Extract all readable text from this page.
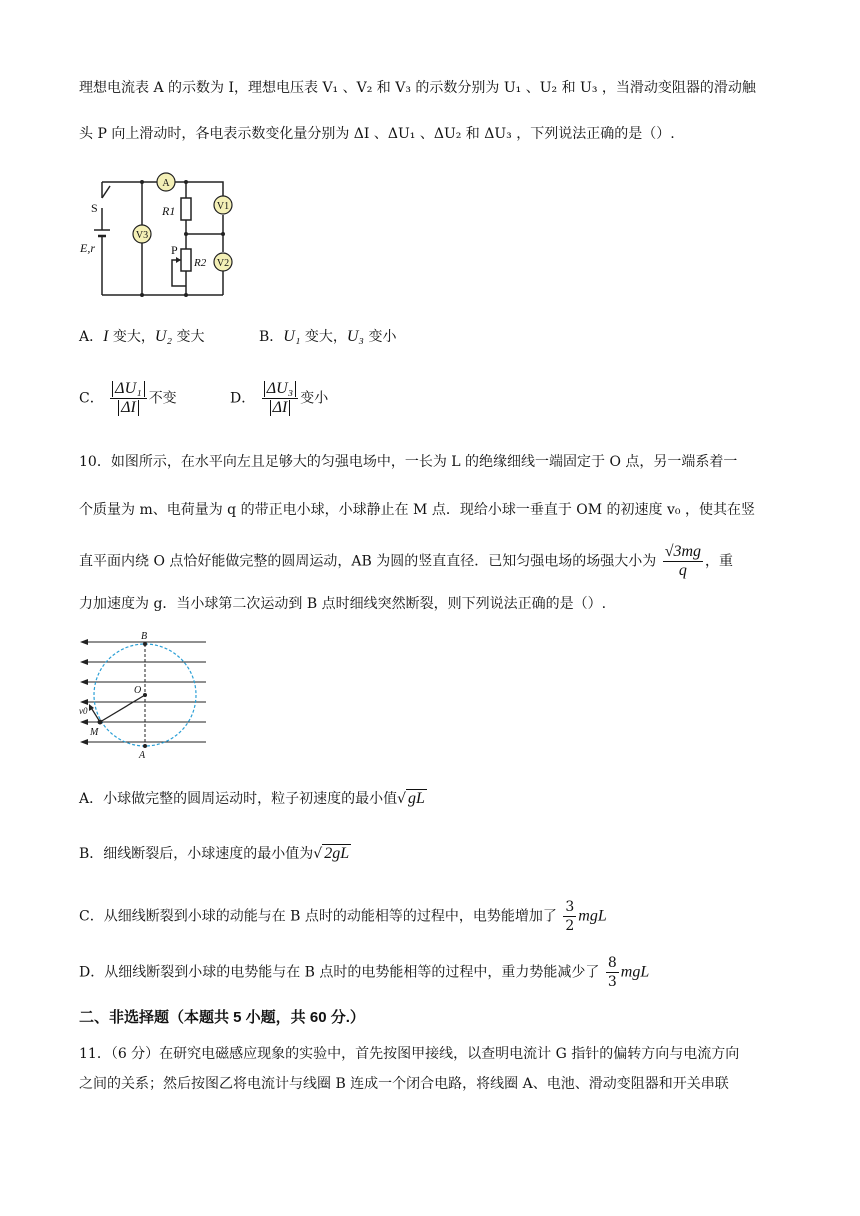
理想电流表 A 的示数为 I，理想电压表 V₁ 、V₂ 和 V₃ 的示数分别为 U₁ 、U₂ 和 U₃ ，当滑动变阻器的滑动触
头 P 向上滑动时，各电表示数变化量分别为 ΔI 、ΔU₁ 、ΔU₂ 和 ΔU₃ ，下列说法正确的是（）.
A
V1
V2
V3
S
E,r
R1
R2
P
A．I 变大，U₂ 变大	B．U₁ 变大，U₃ 变小
C． $\frac{\text{ΔU₁}}{\Delta I}$ 不变	D． $\frac{\text{ΔU₃}}{\Delta I}$ 变小
10．如图所示，在水平向左且足够大的匀强电场中，一长为 L 的绝缘细线一端固定于 O 点，另一端系着一
个质量为 m、电荷量为 q 的带正电小球，小球静止在 M 点．现给小球一垂直于 OM 的初速度 v₀ ，使其在竖
直平面内绕 O 点恰好能做完整的圆周运动，AB 为圆的竖直直径．已知匀强电场的场强大小为 $\frac{√3mg}{q}$ ，重
力加速度为 g．当小球第二次运动到 B 点时细线突然断裂，则下列说法正确的是（）.
B
O
M
A
v0
A．小球做完整的圆周运动时，粒子初速度的最小值√ gL
B．细线断裂后，小球速度的最小值为√ 2gL
C．从细线断裂到小球的动能与在 B 点时的动能相等的过程中，电势能增加了 $\frac{3}{2}$ mgL
D．从细线断裂到小球的电势能与在 B 点时的电势能相等的过程中，重力势能减少了 $\frac{8}{3}$ mgL
二、非选择题（本题共 5 小题，共 60 分.）
11．（6 分）在研究电磁感应现象的实验中，首先按图甲接线，以查明电流计 G 指针的偏转方向与电流方向
之间的关系；然后按图乙将电流计与线圈 B 连成一个闭合电路，将线圈 A、电池、滑动变阻器和开关串联
